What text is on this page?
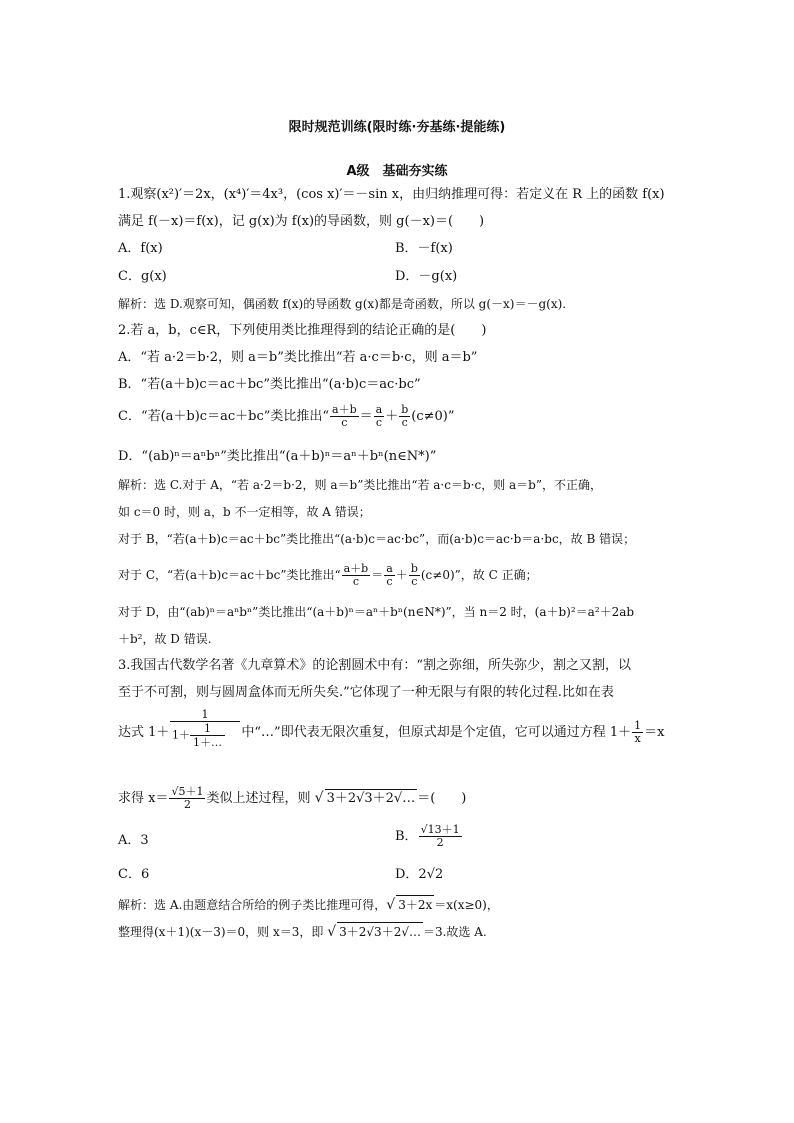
限时规范训练(限时练·夯基练·提能练)
A级　基础夯实练
1.观察(x²)′＝2x，(x⁴)′＝4x³，(cos x)′＝－sin x，由归纳推理可得：若定义在 R 上的函数 f(x)
满足 f(－x)＝f(x)，记 g(x)为 f(x)的导函数，则 g(－x)＝(　　)
A．f(x)	B．－f(x)
C．g(x)	D．－g(x)
解析：选 D.观察可知，偶函数 f(x)的导函数 g(x)都是奇函数，所以 g(－x)＝－g(x).
2.若 a，b，c∈R，下列使用类比推理得到的结论正确的是(　　)
A．“若 a·2＝b·2，则 a＝b”类比推出“若 a·c＝b·c，则 a＝b”
B．“若(a＋b)c＝ac＋bc”类比推出“(a·b)c＝ac·bc”
C．“若(a＋b)c＝ac＋bc”类比推出“ $\frac{a+b}{c} = \frac{a}{c} + \frac{b}{c} (c\ne 0)$”
D．“(ab)ⁿ＝aⁿbⁿ”类比推出“(a＋b)ⁿ＝aⁿ＋bⁿ(n∈N*)”
解析：选 C.对于 A，“若 a·2＝b·2，则 a＝b”类比推出“若 a·c＝b·c，则 a＝b”，不正确，
如 c＝0 时，则 a，b 不一定相等，故 A 错误；
对于 B，“若(a＋b)c＝ac＋bc”类比推出“(a·b)c＝ac·bc”，而(a·b)c＝ac·b＝a·bc，故 B 错误；
对于 C，“若(a＋b)c＝ac＋bc”类比推出“ $\frac{a+b}{c} = \frac{a}{c} + \frac{b}{c} (c\ne 0)$”，故 C 正确；
对于 D，由“(ab)ⁿ＝aⁿbⁿ”类比推出“(a＋b)ⁿ＝aⁿ＋bⁿ(n∈N*)”，当 n＝2 时，(a＋b)²＝a²＋2ab
＋b²，故 D 错误.
3.我国古代数学名著《九章算术》的论割圆术中有：“割之弥细，所失弥少，割之又割，以
至于不可割，则与圆周盒体而无所失矣.”它体现了一种无限与有限的转化过程.比如在表
达式 1＋	中“…”即代表无限次重复，但原式却是个定值，它可以通过方程 $1+ \frac{1}{x} =x$
$\frac{1}{1+ \frac{1}{1+\dots}}$
求得 $x= \frac{√5+1}{2}$ 类似上述过程，则 √ 3＋2√3＋2√… ＝(　　)
A．3	B． $\frac{√13+1}{2}$
C．6	D．2√2
解析：选 A.由题意结合所给的例子类比推理可得，√ 3＋2x ＝x(x≥0)，
整理得(x＋1)(x－3)＝0，则 x＝3，即 √ 3＋2√3＋2√… ＝3.故选 A.
